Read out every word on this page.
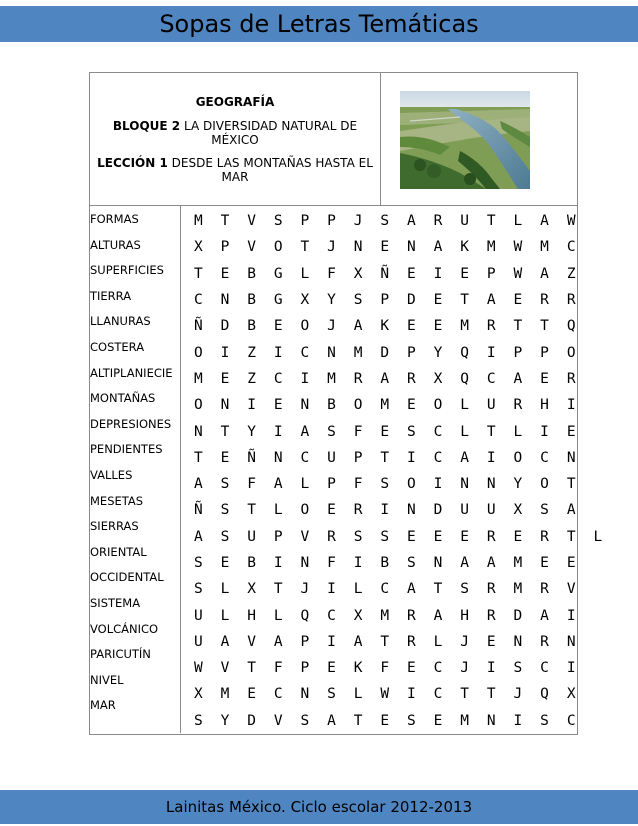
Sopas de Letras Temáticas
GEOGRAFÍA
BLOQUE 2 LA DIVERSIDAD NATURAL DE MÉXICO
LECCIÓN 1 DESDE LAS MONTAÑAS HASTA EL MAR
FORMAS
ALTURAS
SUPERFICIES
TIERRA
LLANURAS
COSTERA
ALTIPLANIECIE
MONTAÑAS
DEPRESIONES
PENDIENTES
VALLES
MESETAS
SIERRAS
ORIENTAL
OCCIDENTAL
SISTEMA
VOLCÁNICO
PARICUTÍN
NIVEL
MAR
MTVSPPJSARUTLAW
XPVOTJNENAKMWMC
TEBGLFXÑEIEPWAZ
CNBGXYSPDETAERR
ÑDBEOJAKEEMRTTQ
OIZICNMDPYQIPPO
MEZCIMRARXQCAER
ONIENBOMEOLURHI
NTYIASFESCLTLIE
TEÑNCUPTICAIOCN
ASFALPFSOINNYOT
ÑSTLOERINDUUXSA
ASUPVRSSEEERERTL
SEBINFIBSNAAMEE
SLXTJILCATSRMRV
ULHLQCXMRAHRDAI
UAVAPIATRLJENRN
WVTFPEKFECJISCI
XMECNSLWICTTJQX
SYDVSATESEMNISC
Lainitas México. Ciclo escolar 2012-2013
